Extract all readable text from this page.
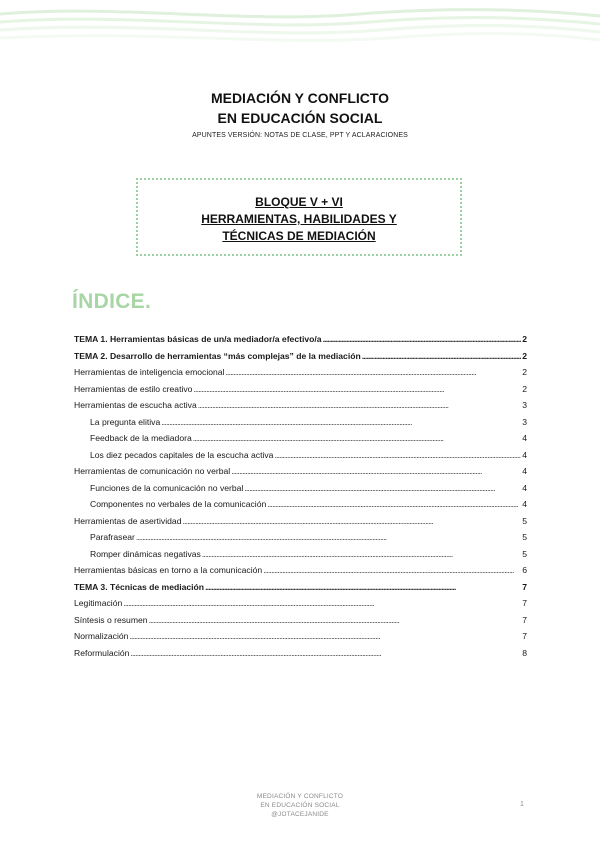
MEDIACIÓN Y CONFLICTO
EN EDUCACIÓN SOCIAL
APUNTES VERSIÓN: NOTAS DE CLASE, PPT Y ACLARACIONES
BLOQUE V + VI
HERRAMIENTAS, HABILIDADES Y
TÉCNICAS DE MEDIACIÓN
ÍNDICE.
TEMA 1. Herramientas básicas de un/a mediador/a efectivo/a . . .	2
TEMA 2. Desarrollo de herramientas “más complejas” de la mediación . . .	2
Herramientas de inteligencia emocional . . .	2
Herramientas de estilo creativo . . .	2
Herramientas de escucha activa . . .	3
La pregunta elitiva . . .	3
Feedback de la mediadora . . .	4
Los diez pecados capitales de la escucha activa . . .	4
Herramientas de comunicación no verbal . . .	4
Funciones de la comunicación no verbal . . .	4
Componentes no verbales de la comunicación . . .	4
Herramientas de asertividad . . .	5
Parafrasear . . .	5
Romper dinámicas negativas . . .	5
Herramientas básicas en torno a la comunicación . . .	6
TEMA 3. Técnicas de mediación . . .	7
Legitimación . . .	7
Síntesis o resumen . . .	7
Normalización . . .	7
Reformulación . . .	8
MEDIACIÓN Y CONFLICTO
EN EDUCACIÓN SOCIAL
@JOTACEJANIDE
1
